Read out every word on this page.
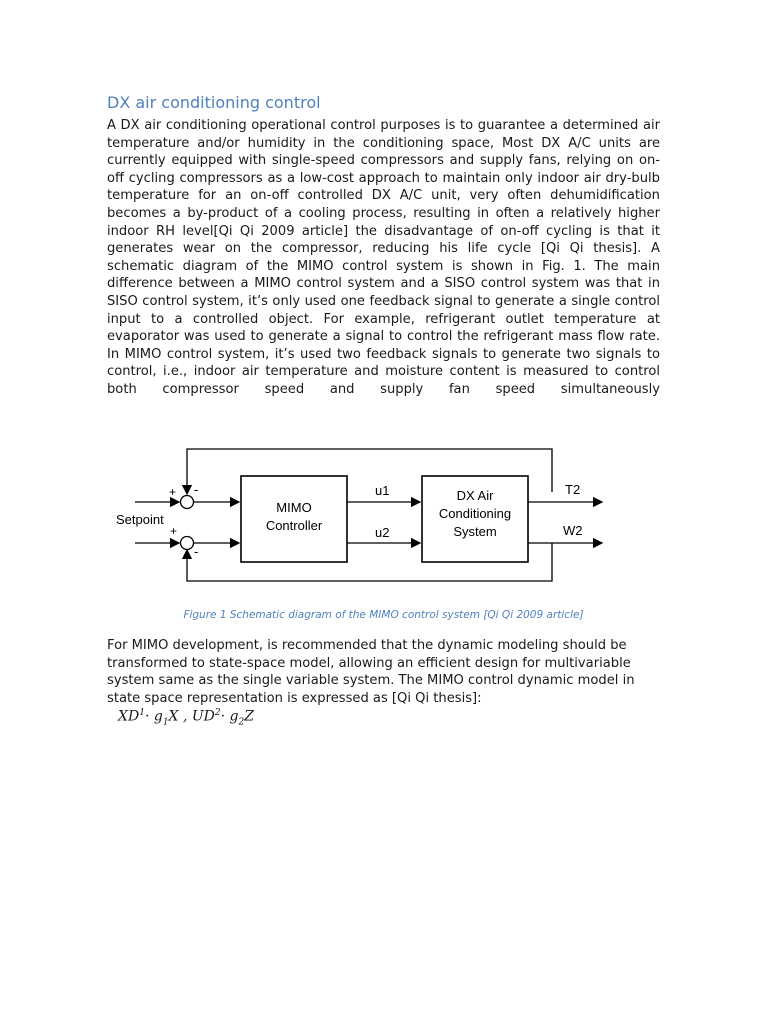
DX air conditioning control

A DX air conditioning operational control purposes is to guarantee a determined air temperature and/or humidity in the conditioning space, Most DX A/C units are currently equipped with single-speed compressors and supply fans, relying on on-off cycling compressors as a low-cost approach to maintain only indoor air dry-bulb temperature for an on-off controlled DX A/C unit, very often dehumidification becomes a by-product of a cooling process, resulting in often a relatively higher indoor RH level[Qi Qi 2009 article] the disadvantage of on-off cycling is that it generates wear on the compressor, reducing his life cycle [Qi Qi thesis]. A schematic diagram of the MIMO control system is shown in Fig. 1. The main difference between a MIMO control system and a SISO control system was that in SISO control system, it’s only used one feedback signal to generate a single control input to a controlled object. For example, refrigerant outlet temperature at evaporator was used to generate a signal to control the refrigerant mass flow rate. In MIMO control system, it’s used two feedback signals to generate two signals to control, i.e., indoor air temperature and moisture content is measured to control both compressor speed and supply fan speed simultaneously

Setpoint
+ -
+
-
MIMO
Controller
u1
u2
DX Air
Conditioning
System
T2
W2
Figure 1 Schematic diagram of the MIMO control system [Qi Qi 2009 article]

For MIMO development, is recommended that the dynamic modeling should be transformed to state-space model, allowing an efficient design for multivariable system same as the single variable system. The MIMO control dynamic model in state space representation is expressed as [Qi Qi thesis]:

$XD^1\cdot g_1X$ , $UD^2\cdot g_2Z$
